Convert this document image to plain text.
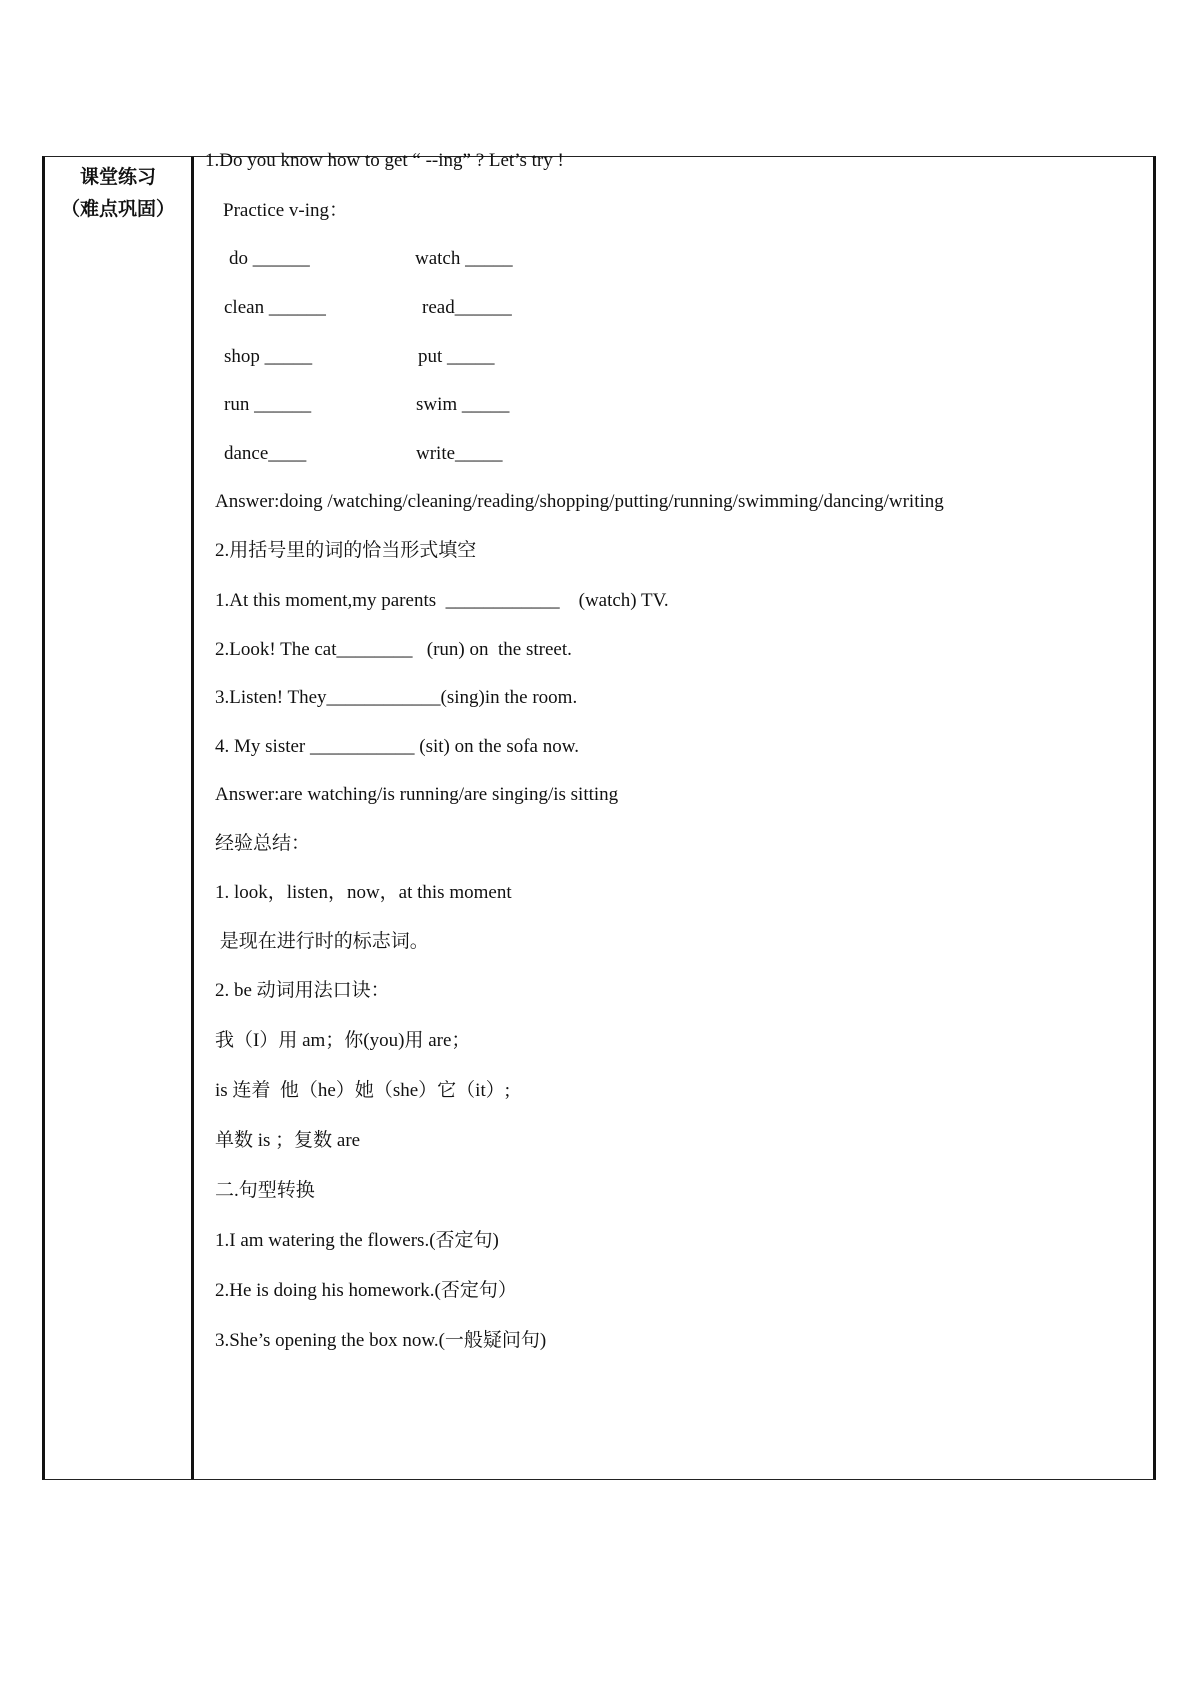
课堂练习
（难点巩固）
1.Do you know how to get “ --ing” ? Let’s try !
Practice v-ing：
do ______	watch _____
clean ______	read______
shop _____	put _____
run ______	swim _____
dance____	write_____
Answer:doing /watching/cleaning/reading/shopping/putting/running/swimming/dancing/writing
2.用括号里的词的恰当形式填空
1.At this moment,my parents  ____________    (watch) TV.
2.Look! The cat________   (run) on  the street.
3.Listen! They____________(sing)in the room.
4. My sister ___________ (sit) on the sofa now.
Answer:are watching/is running/are singing/is sitting
经验总结：
1. look，listen，now，at this moment
是现在进行时的标志词。
2. be 动词用法口诀：
我（I）用 am；你(you)用 are；
is 连着  他（he）她（she）它（it）;
单数 is ；复数 are
二.句型转换
1.I am watering the flowers.(否定句)
2.He is doing his homework.(否定句）
3.She’s opening the box now.(一般疑问句)
